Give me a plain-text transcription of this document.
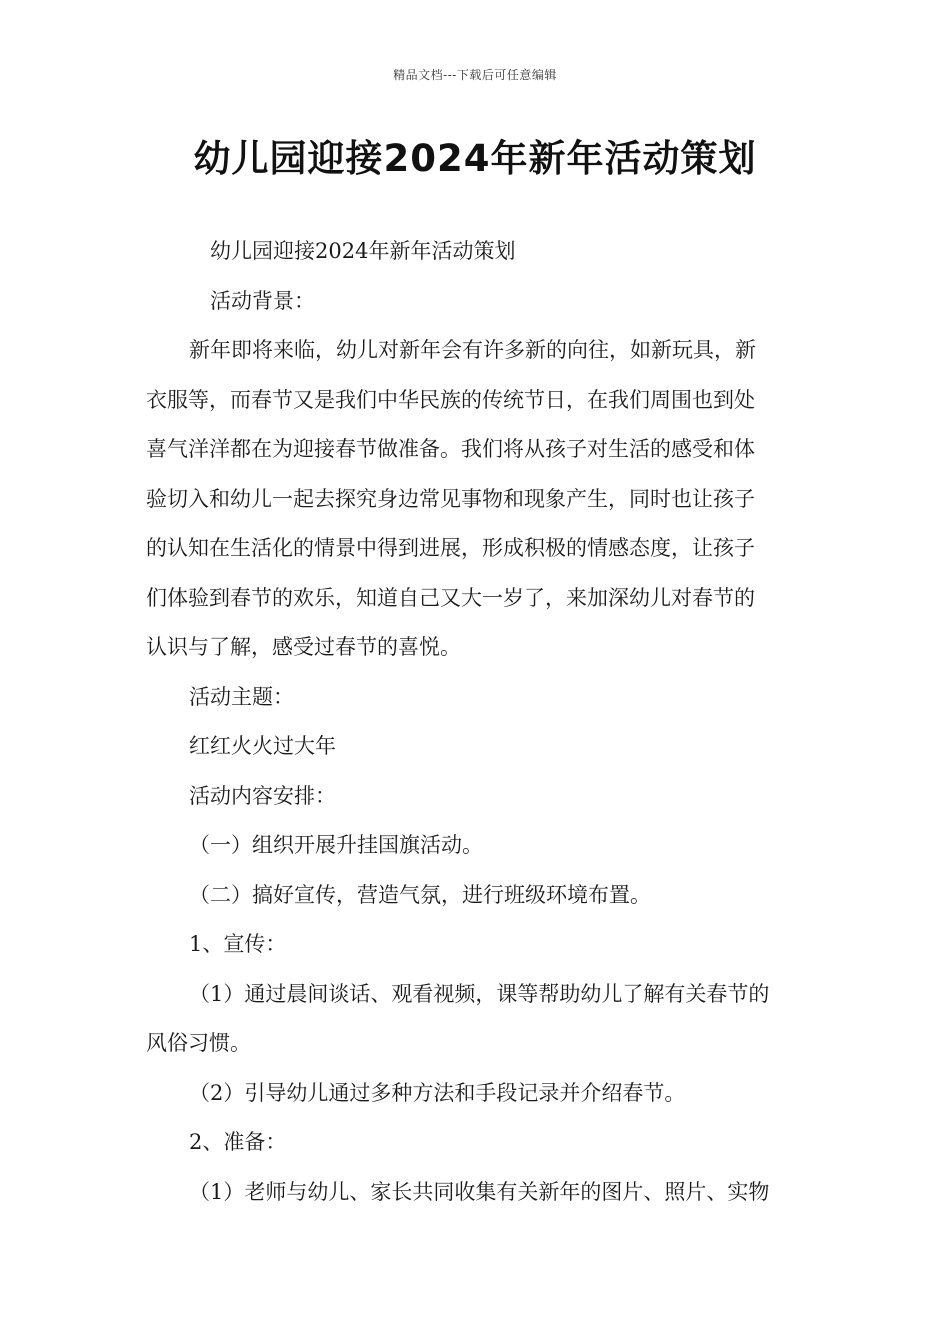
精品文档---下载后可任意编辑
幼儿园迎接2024年新年活动策划

幼儿园迎接2024年新年活动策划

活动背景：

新年即将来临，幼儿对新年会有许多新的向往，如新玩具，新

衣服等，而春节又是我们中华民族的传统节日，在我们周围也到处

喜气洋洋都在为迎接春节做准备。我们将从孩子对生活的感受和体

验切入和幼儿一起去探究身边常见事物和现象产生，同时也让孩子

的认知在生活化的情景中得到进展，形成积极的情感态度，让孩子

们体验到春节的欢乐，知道自己又大一岁了，来加深幼儿对春节的

认识与了解，感受过春节的喜悦。

活动主题：

红红火火过大年

活动内容安排：

（一）组织开展升挂国旗活动。

（二）搞好宣传，营造气氛，进行班级环境布置。

1、宣传：

（1）通过晨间谈话、观看视频，课等帮助幼儿了解有关春节的

风俗习惯。

（2）引导幼儿通过多种方法和手段记录并介绍春节。

2、准备：

（1）老师与幼儿、家长共同收集有关新年的图片、照片、实物
